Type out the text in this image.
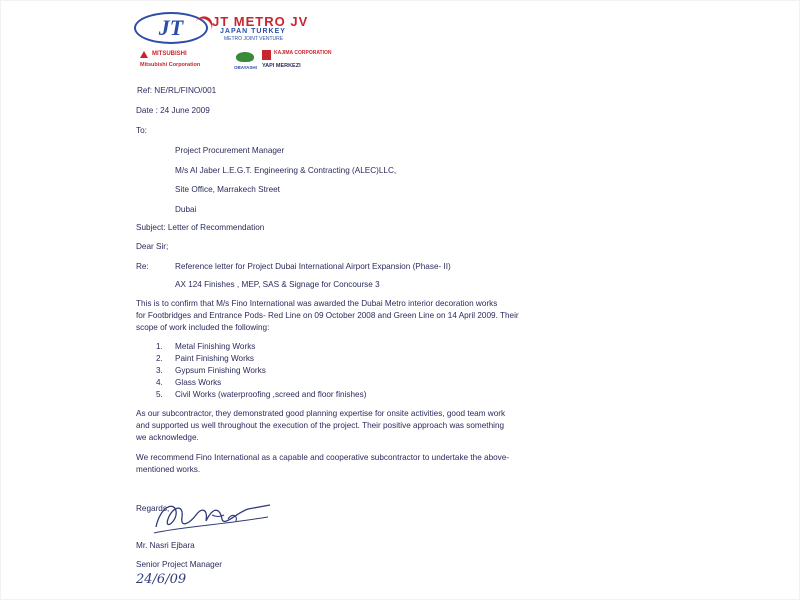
JT	JT METRO JV
JAPAN TURKEY
METRO JOINT VENTURE
MITSUBISHI
Mitsubishi Corporation	OBAYASHI
KAJIMA CORPORATION
YAPI MERKEZI
Ref: NE/RL/FINO/001
Date : 24 June 2009
To:
Project Procurement Manager
M/s Al Jaber L.E.G.T. Engineering & Contracting (ALEC)LLC,
Site Office, Marrakech Street
Dubai
Subject: Letter of Recommendation
Dear Sir;
Re:	Reference letter for Project Dubai International Airport Expansion (Phase- II)
AX 124 Finishes , MEP, SAS & Signage for Concourse 3
This is to confirm that M/s Fino International was awarded the Dubai Metro interior decoration works
for Footbridges and Entrance Pods- Red Line on 09 October 2008 and Green Line on 14 April 2009. Their
scope of work included the following:
1. Metal Finishing Works
2. Paint Finishing Works
3. Gypsum Finishing Works
4. Glass Works
5. Civil Works (waterproofing ,screed and floor finishes)
As our subcontractor, they demonstrated good planning expertise for onsite activities, good team work
and supported us well throughout the execution of the project. Their positive approach was something
we acknowledge.
We recommend Fino International as a capable and cooperative subcontractor to undertake the above-
mentioned works.
Regards,
Mr. Nasri Ejbara
Senior Project Manager
24/6/09
